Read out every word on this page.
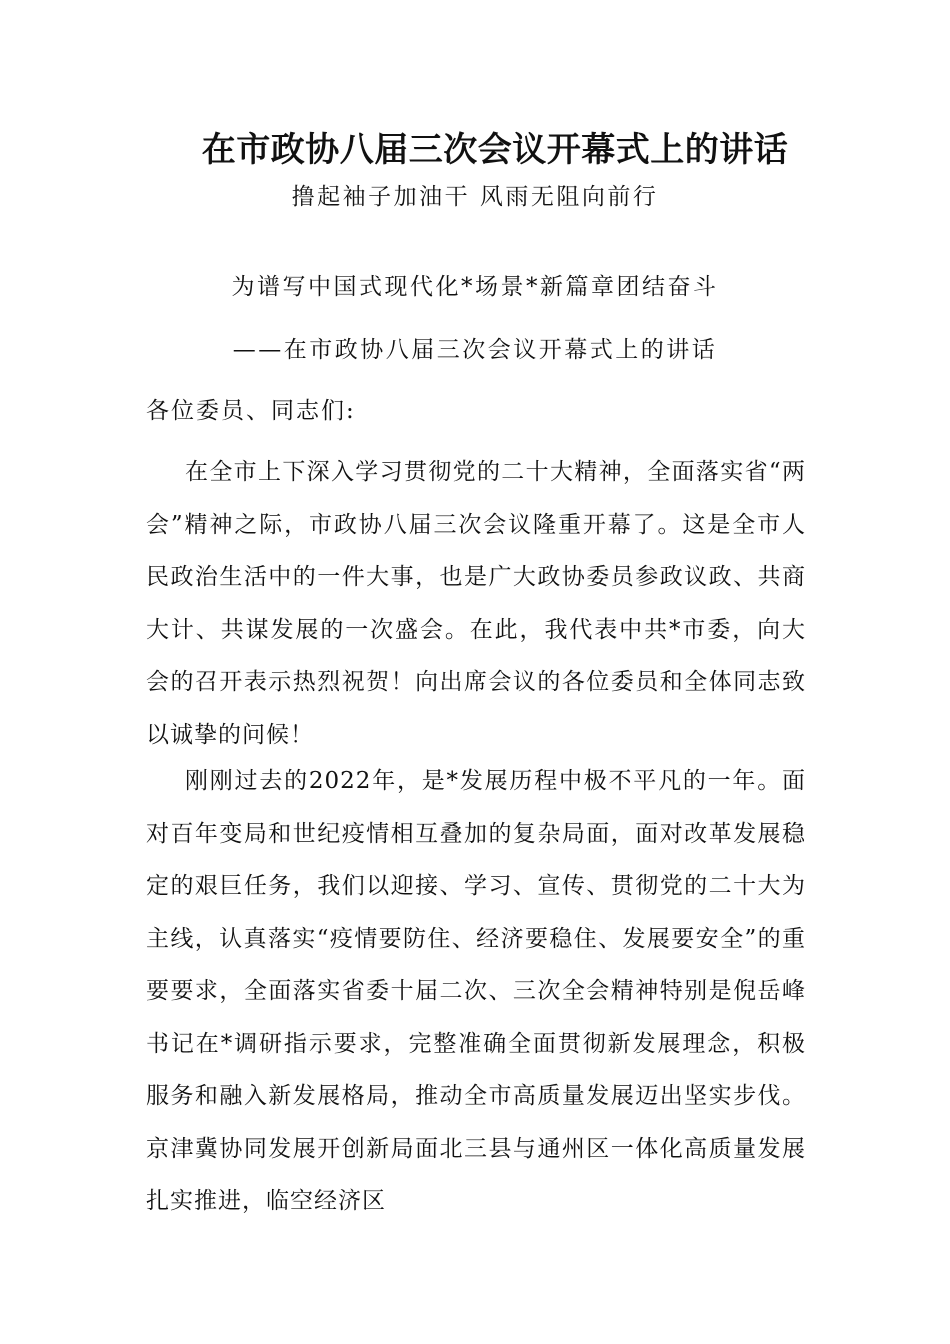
在市政协八届三次会议开幕式上的讲话
撸起袖子加油干 风雨无阻向前行
为谱写中国式现代化*场景*新篇章团结奋斗
——在市政协八届三次会议开幕式上的讲话
各位委员、同志们:
在全市上下深入学习贯彻党的二十大精神，全面落实省“两会”精神之际，市政协八届三次会议隆重开幕了。这是全市人民政治生活中的一件大事，也是广大政协委员参政议政、共商大计、共谋发展的一次盛会。在此，我代表中共*市委，向大会的召开表示热烈祝贺！向出席会议的各位委员和全体同志致以诚挚的问候！
刚刚过去的2022年，是*发展历程中极不平凡的一年。面对百年变局和世纪疫情相互叠加的复杂局面，面对改革发展稳定的艰巨任务，我们以迎接、学习、宣传、贯彻党的二十大为主线，认真落实“疫情要防住、经济要稳住、发展要安全”的重要要求，全面落实省委十届二次、三次全会精神特别是倪岳峰书记在*调研指示要求，完整准确全面贯彻新发展理念，积极服务和融入新发展格局，推动全市高质量发展迈出坚实步伐。京津冀协同发展开创新局面北三县与通州区一体化高质量发展扎实推进，临空经济区
